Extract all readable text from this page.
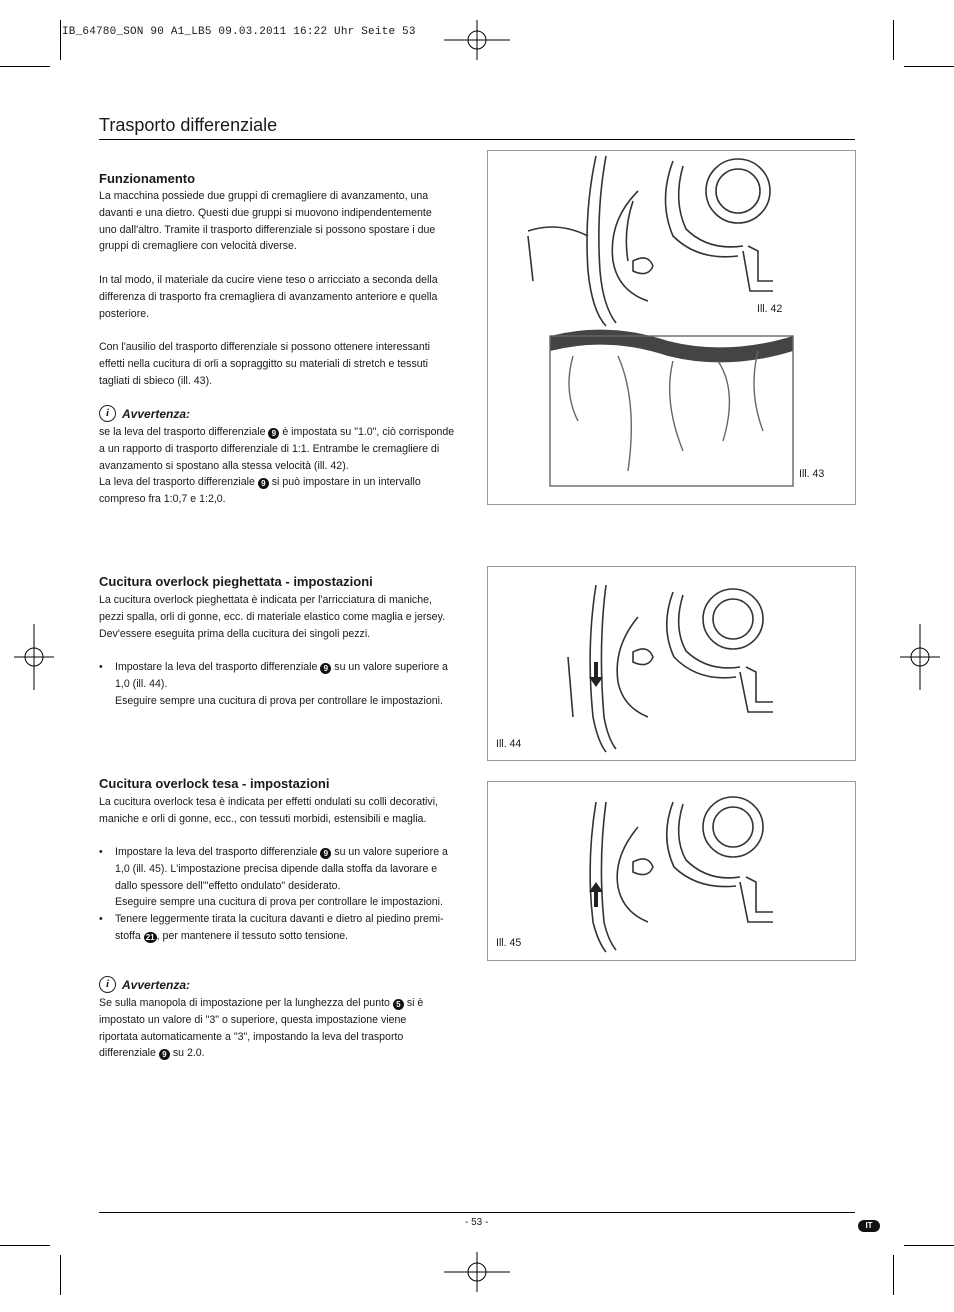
IB_64780_SON 90 A1_LB5 09.03.2011 16:22 Uhr Seite 53
Trasporto differenziale
Funzionamento
La macchina possiede due gruppi di cremagliere di avanzamento, una
davanti e una dietro. Questi due gruppi si muovono indipendentemente
uno dall'altro. Tramite il trasporto differenziale si possono spostare i due
gruppi di cremagliere con velocità diverse.
In tal modo, il materiale da cucire viene teso o arricciato a seconda della
differenza di trasporto fra cremagliera di avanzamento anteriore e quella
posteriore.
Con l'ausilio del trasporto differenziale si possono ottenere interessanti
effetti nella cucitura di orli a sopraggitto su materiali di stretch e tessuti
tagliati di sbieco (ill. 43).
i	Avvertenza:
se la leva del trasporto differenziale 9 è impostata su "1.0", ciò corrisponde
a un rapporto di trasporto differenziale di 1:1. Entrambe le cremagliere di
avanzamento si spostano alla stessa velocità (ill. 42).
La leva del trasporto differenziale 9 si può impostare in un intervallo
compreso fra 1:0,7 e 1:2,0.
Ill. 42
Ill. 43
Cucitura overlock pieghettata - impostazioni
La cucitura overlock pieghettata è indicata per l'arricciatura di maniche,
pezzi spalla, orli di gonne, ecc. di materiale elastico come maglia e jersey.
Dev'essere eseguita prima della cucitura dei singoli pezzi.
• Impostare la leva del trasporto differenziale 9 su un valore superiore a
1,0 (ill. 44).
Eseguire sempre una cucitura di prova per controllare le impostazioni.
Ill. 44
Cucitura overlock tesa - impostazioni
La cucitura overlock tesa è indicata per effetti ondulati su colli decorativi,
maniche e orli di gonne, ecc., con tessuti morbidi, estensibili e maglia.
• Impostare la leva del trasporto differenziale 9 su un valore superiore a
1,0 (ill. 45). L'impostazione precisa dipende dalla stoffa da lavorare e
dallo spessore dell'"effetto ondulato" desiderato.
Eseguire sempre una cucitura di prova per controllare le impostazioni.
• Tenere leggermente tirata la cucitura davanti e dietro al piedino premi-
stoffa 21 , per mantenere il tessuto sotto tensione.
i	Avvertenza:
Se sulla manopola di impostazione per la lunghezza del punto 5 si è
impostato un valore di "3" o superiore, questa impostazione viene
riportata automaticamente a "3", impostando la leva del trasporto
differenziale 9 su 2.0.
Ill. 45
- 53 -	IT
